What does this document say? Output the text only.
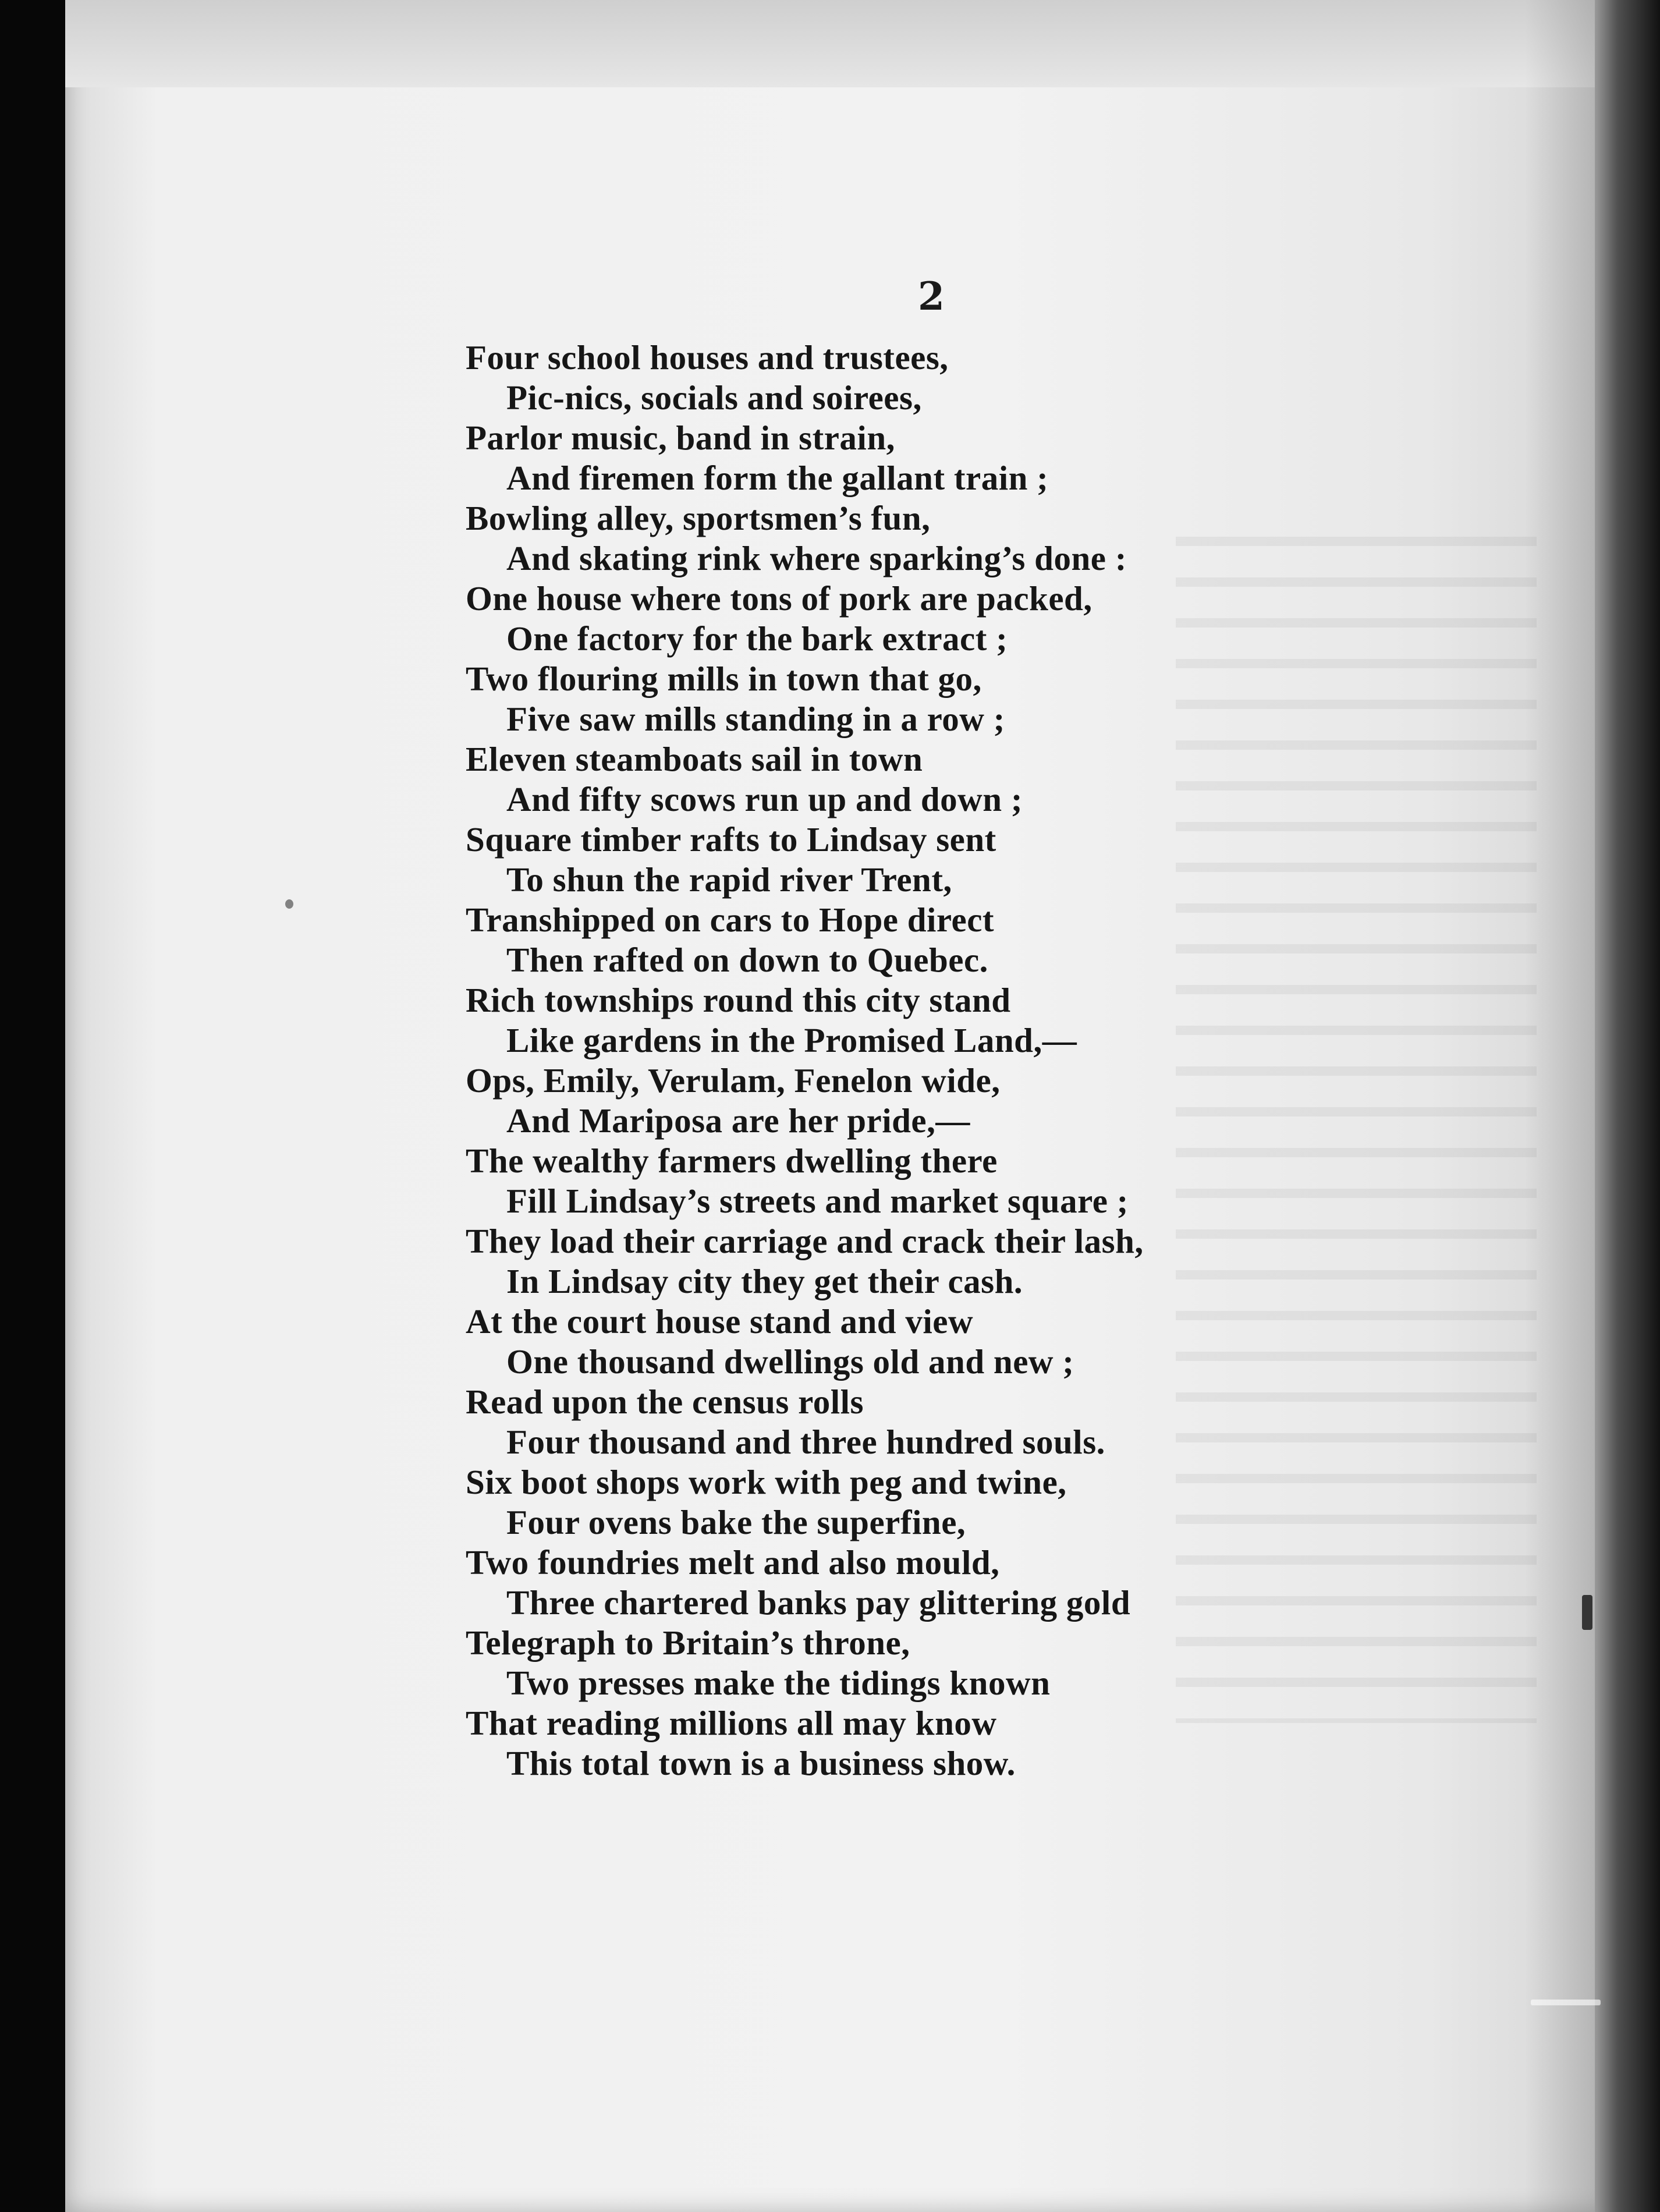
2
Four school houses and trustees,
Pic-nics, socials and soirees,
Parlor music, band in strain,
And firemen form the gallant train ;
Bowling alley, sportsmen’s fun,
And skating rink where sparking’s done :
One house where tons of pork are packed,
One factory for the bark extract ;
Two flouring mills in town that go,
Five saw mills standing in a row ;
Eleven steamboats sail in town
And fifty scows run up and down ;
Square timber rafts to Lindsay sent
To shun the rapid river Trent,
Transhipped on cars to Hope direct
Then rafted on down to Quebec.
Rich townships round this city stand
Like gardens in the Promised Land,—
Ops, Emily, Verulam, Fenelon wide,
And Mariposa are her pride,—
The wealthy farmers dwelling there
Fill Lindsay’s streets and market square ;
They load their carriage and crack their lash,
In Lindsay city they get their cash.
At the court house stand and view
One thousand dwellings old and new ;
Read upon the census rolls
Four thousand and three hundred souls.
Six boot shops work with peg and twine,
Four ovens bake the superfine,
Two foundries melt and also mould,
Three chartered banks pay glittering gold
Telegraph to Britain’s throne,
Two presses make the tidings known
That reading millions all may know
This total town is a business show.
